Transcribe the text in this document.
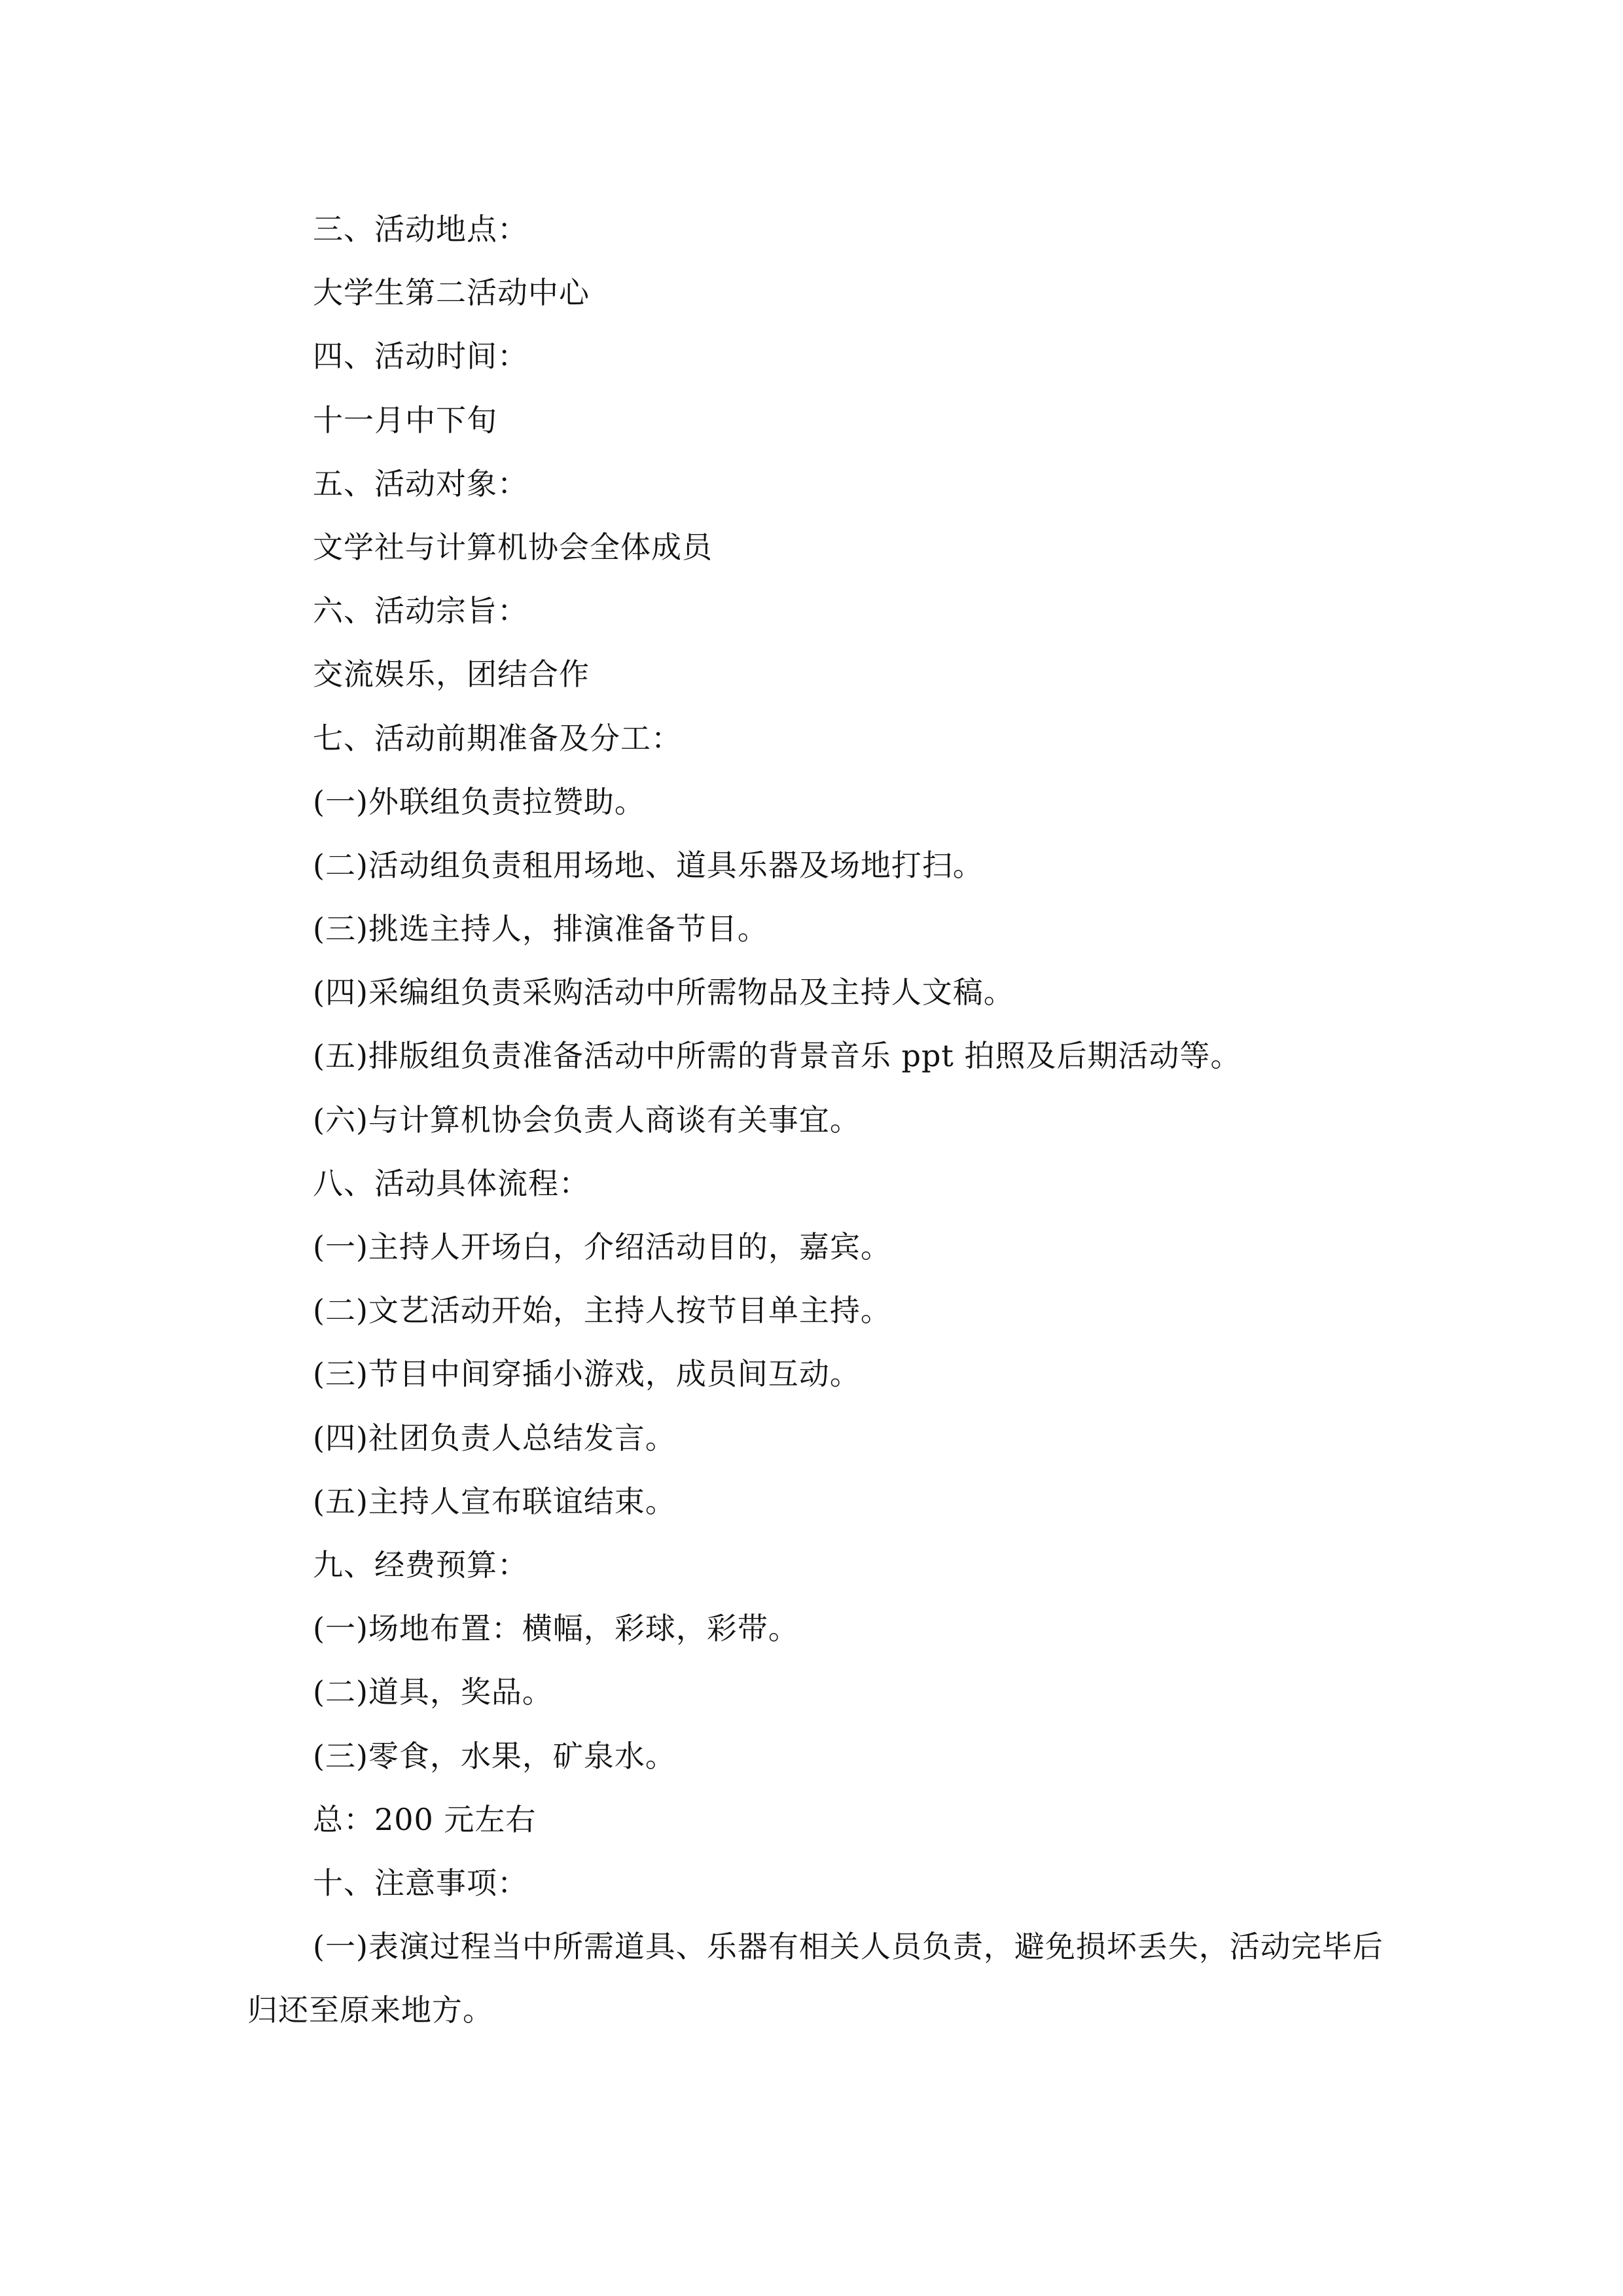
三、活动地点：

大学生第二活动中心

四、活动时间：

十一月中下旬

五、活动对象：

文学社与计算机协会全体成员

六、活动宗旨：

交流娱乐，团结合作

七、活动前期准备及分工：

(一)外联组负责拉赞助。

(二)活动组负责租用场地、道具乐器及场地打扫。

(三)挑选主持人，排演准备节目。

(四)采编组负责采购活动中所需物品及主持人文稿。

(五)排版组负责准备活动中所需的背景音乐 ppt 拍照及后期活动等。

(六)与计算机协会负责人商谈有关事宜。

八、活动具体流程：

(一)主持人开场白，介绍活动目的，嘉宾。

(二)文艺活动开始，主持人按节目单主持。

(三)节目中间穿插小游戏，成员间互动。

(四)社团负责人总结发言。

(五)主持人宣布联谊结束。

九、经费预算：

(一)场地布置：横幅，彩球，彩带。

(二)道具，奖品。

(三)零食，水果，矿泉水。

总：200 元左右

十、注意事项：

(一)表演过程当中所需道具、乐器有相关人员负责，避免损坏丢失，活动完毕后归还至原来地方。
